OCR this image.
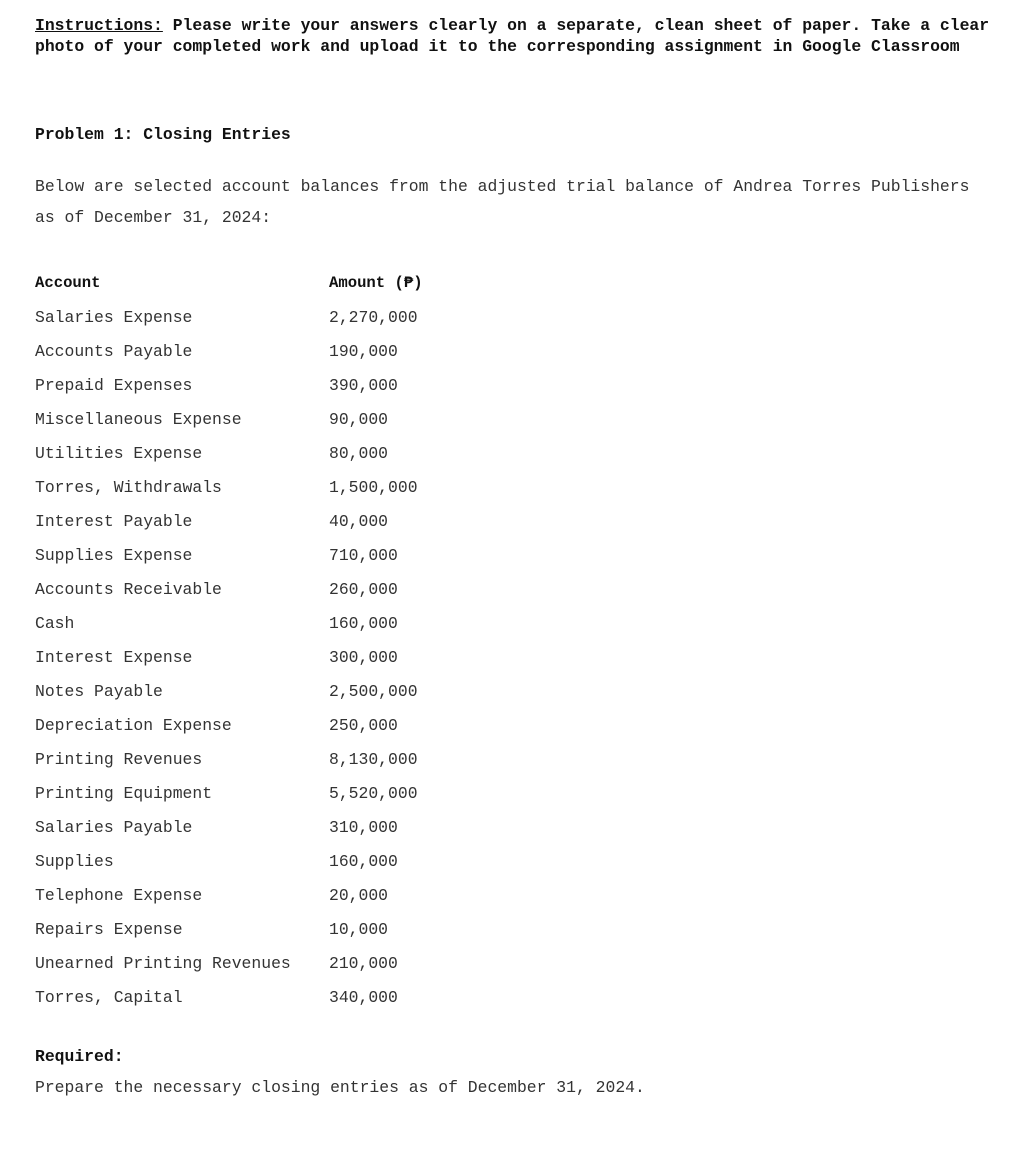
Instructions: Please write your answers clearly on a separate, clean sheet of paper. Take a clear photo of your completed work and upload it to the corresponding assignment in Google Classroom

Problem 1: Closing Entries

Below are selected account balances from the adjusted trial balance of Andrea Torres Publishers as of December 31, 2024:

Account	Amount (₱)
Salaries Expense	2,270,000
Accounts Payable	190,000
Prepaid Expenses	390,000
Miscellaneous Expense	90,000
Utilities Expense	80,000
Torres, Withdrawals	1,500,000
Interest Payable	40,000
Supplies Expense	710,000
Accounts Receivable	260,000
Cash	160,000
Interest Expense	300,000
Notes Payable	2,500,000
Depreciation Expense	250,000
Printing Revenues	8,130,000
Printing Equipment	5,520,000
Salaries Payable	310,000
Supplies	160,000
Telephone Expense	20,000
Repairs Expense	10,000
Unearned Printing Revenues	210,000
Torres, Capital	340,000

Required:

Prepare the necessary closing entries as of December 31, 2024.
